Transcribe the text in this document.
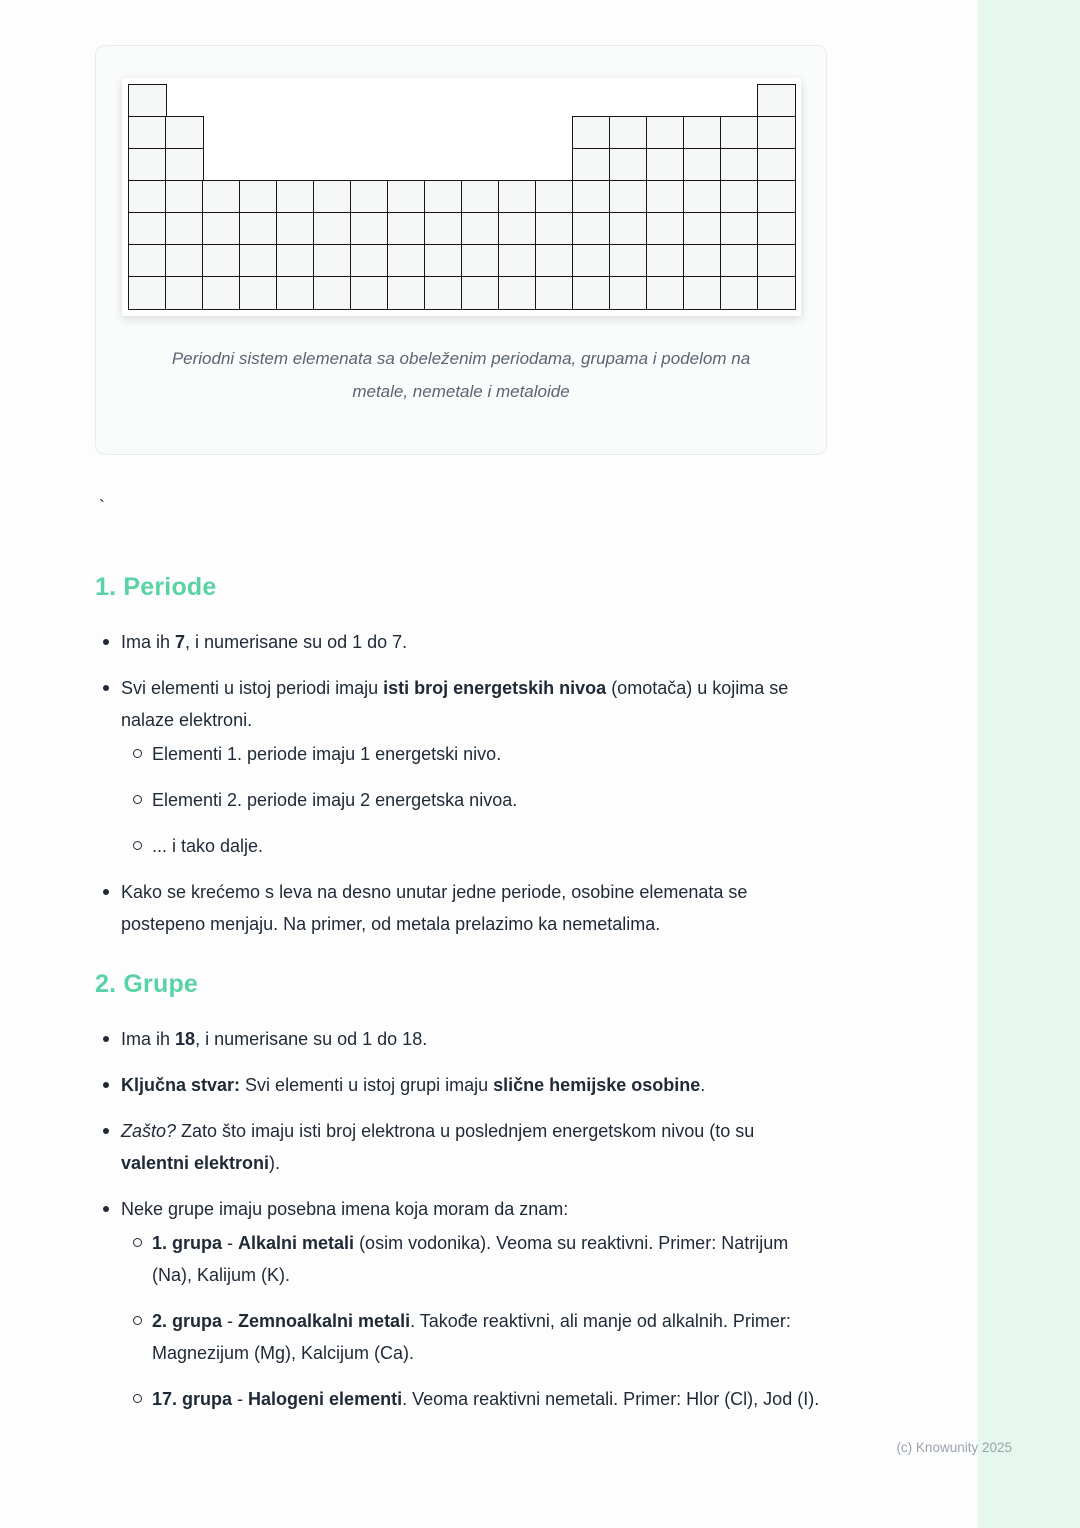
Periodni sistem elemenata sa obeleženim periodama, grupama i podelom na
metale, nemetale i metaloide
`
1. Periode
Ima ih 7, i numerisane su od 1 do 7.
Svi elementi u istoj periodi imaju isti broj energetskih nivoa (omotača) u kojima se nalaze elektroni.
Elementi 1. periode imaju 1 energetski nivo.
Elementi 2. periode imaju 2 energetska nivoa.
... i tako dalje.
Kako se krećemo s leva na desno unutar jedne periode, osobine elemenata se postepeno menjaju. Na primer, od metala prelazimo ka nemetalima.
2. Grupe
Ima ih 18, i numerisane su od 1 do 18.
Ključna stvar: Svi elementi u istoj grupi imaju slične hemijske osobine.
Zašto? Zato što imaju isti broj elektrona u poslednjem energetskom nivou (to su valentni elektroni).
Neke grupe imaju posebna imena koja moram da znam:
1. grupa - Alkalni metali (osim vodonika). Veoma su reaktivni. Primer: Natrijum (Na), Kalijum (K).
2. grupa - Zemnoalkalni metali. Takođe reaktivni, ali manje od alkalnih. Primer: Magnezijum (Mg), Kalcijum (Ca).
17. grupa - Halogeni elementi. Veoma reaktivni nemetali. Primer: Hlor (Cl), Jod (I).
(c) Knowunity 2025
